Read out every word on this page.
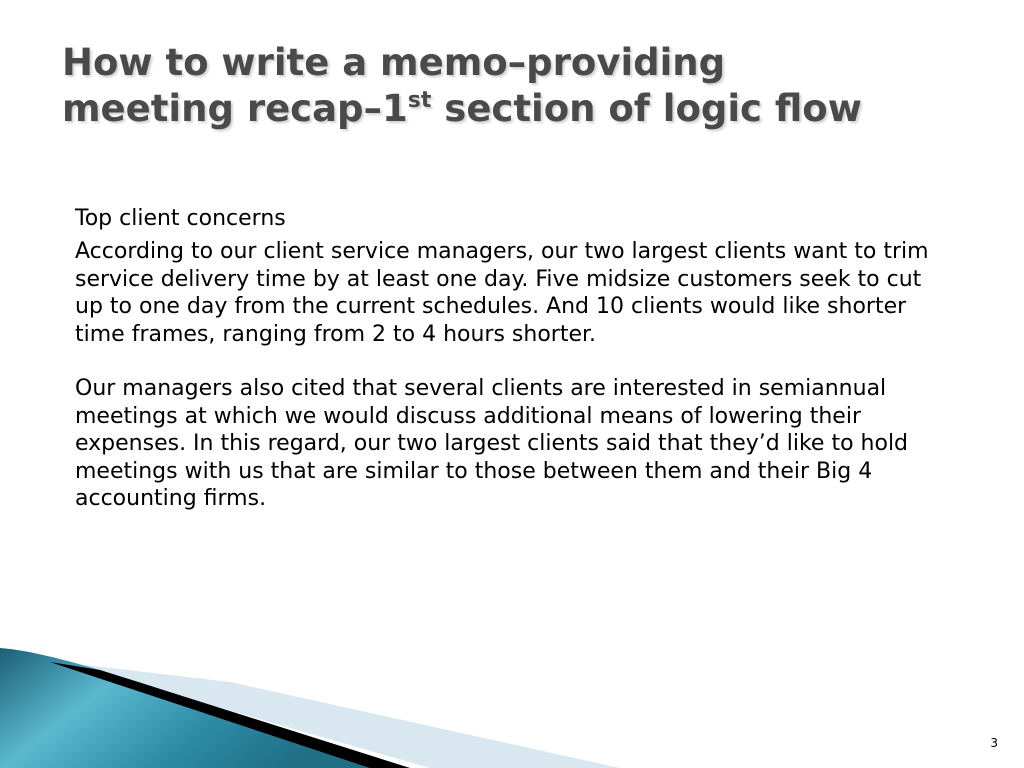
How to write a memo–providing
meeting recap–1st section of logic flow
Top client concerns

According to our client service managers, our two largest clients want to trim service delivery time by at least one day. Five midsize customers seek to cut up to one day from the current schedules. And 10 clients would like shorter time frames, ranging from 2 to 4 hours shorter.

Our managers also cited that several clients are interested in semiannual meetings at which we would discuss additional means of lowering their expenses. In this regard, our two largest clients said that they’d like to hold meetings with us that are similar to those between them and their Big 4 accounting firms.

3
